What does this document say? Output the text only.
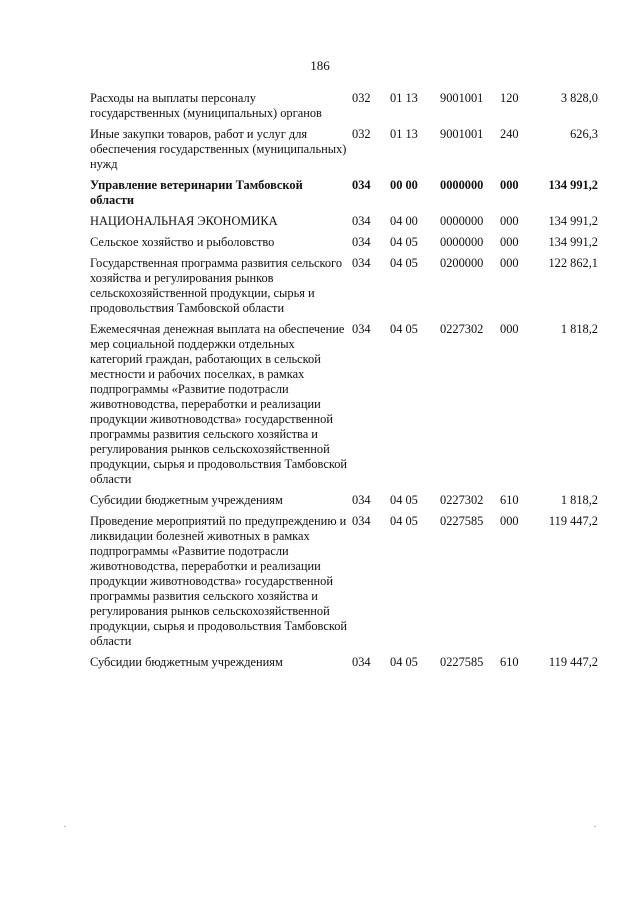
186
Расходы на выплаты персоналу государственных (муниципальных) органов	032	01 13	9001001	120	3 828,0
Иные закупки товаров, работ и услуг для обеспечения государственных (муниципальных) нужд	032	01 13	9001001	240	626,3
Управление ветеринарии Тамбовской области	034	00 00	0000000	000	134 991,2
НАЦИОНАЛЬНАЯ ЭКОНОМИКА	034	04 00	0000000	000	134 991,2
Сельское хозяйство и рыболовство	034	04 05	0000000	000	134 991,2
Государственная программа развития сельского хозяйства и регулирования рынков сельскохозяйственной продукции, сырья и продовольствия Тамбовской области	034	04 05	0200000	000	122 862,1
Ежемесячная денежная выплата на обеспечение мер социальной поддержки отдельных категорий граждан, работающих в сельской местности и рабочих поселках, в рамках подпрограммы «Развитие подотрасли животноводства, переработки и реализации продукции животноводства» государственной программы развития сельского хозяйства и регулирования рынков сельскохозяйственной продукции, сырья и продовольствия Тамбовской области	034	04 05	0227302	000	1 818,2
Субсидии бюджетным учреждениям	034	04 05	0227302	610	1 818,2
Проведение мероприятий по предупреждению и ликвидации болезней животных в рамках подпрограммы «Развитие подотрасли животноводства, переработки и реализации продукции животноводства» государственной программы развития сельского хозяйства и регулирования рынков сельскохозяйственной продукции, сырья и продовольствия Тамбовской области	034	04 05	0227585	000	119 447,2
Субсидии бюджетным учреждениям	034	04 05	0227585	610	119 447,2
